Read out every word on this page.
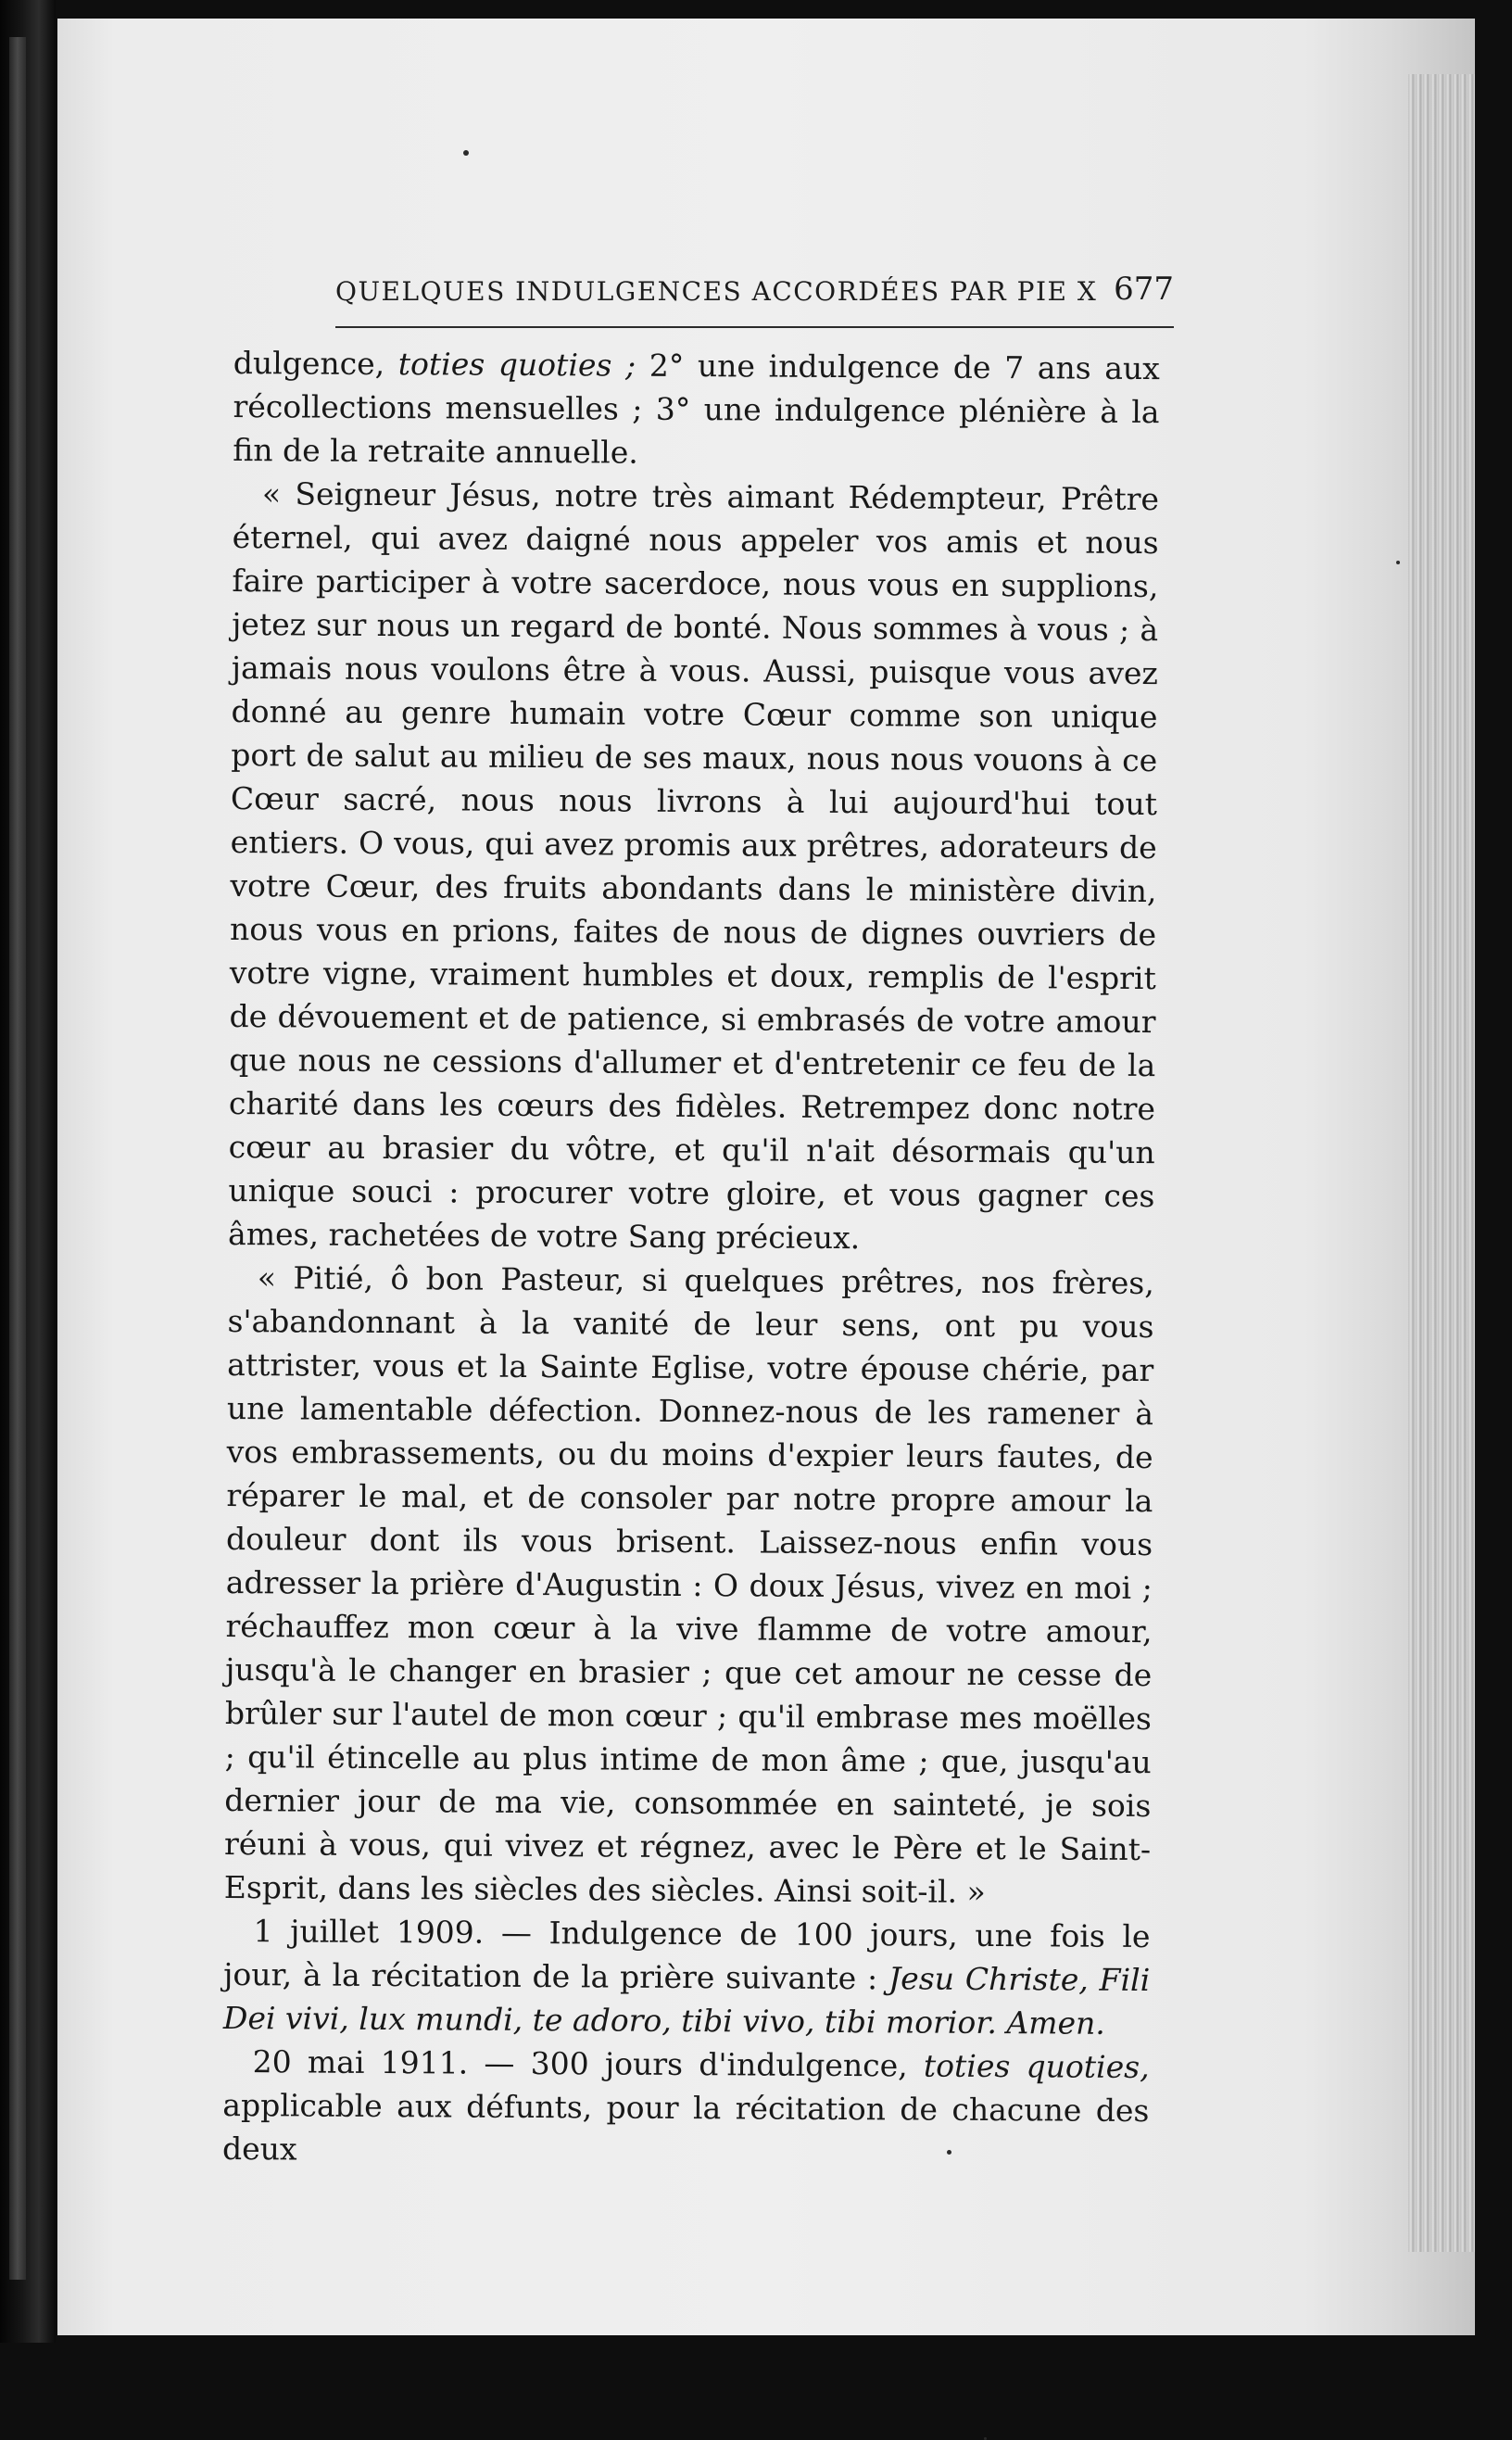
QUELQUES INDULGENCES ACCORDÉES PAR PIE X 677

dulgence, toties quoties ; 2° une indulgence de 7 ans aux récollections mensuelles ; 3° une indulgence plénière à la fin de la retraite annuelle.

« Seigneur Jésus, notre très aimant Rédempteur, Prêtre éternel, qui avez daigné nous appeler vos amis et nous faire participer à votre sacerdoce, nous vous en supplions, jetez sur nous un regard de bonté. Nous sommes à vous ; à jamais nous voulons être à vous. Aussi, puisque vous avez donné au genre humain votre Cœur comme son unique port de salut au milieu de ses maux, nous nous vouons à ce Cœur sacré, nous nous livrons à lui aujourd'hui tout entiers. O vous, qui avez promis aux prêtres, adorateurs de votre Cœur, des fruits abondants dans le ministère divin, nous vous en prions, faites de nous de dignes ouvriers de votre vigne, vraiment humbles et doux, remplis de l'esprit de dévouement et de patience, si embrasés de votre amour que nous ne cessions d'allumer et d'entretenir ce feu de la charité dans les cœurs des fidèles. Retrempez donc notre cœur au brasier du vôtre, et qu'il n'ait désormais qu'un unique souci : procurer votre gloire, et vous gagner ces âmes, rachetées de votre Sang précieux.

« Pitié, ô bon Pasteur, si quelques prêtres, nos frères, s'abandonnant à la vanité de leur sens, ont pu vous attrister, vous et la Sainte Eglise, votre épouse chérie, par une lamentable défection. Donnez-nous de les ramener à vos embrassements, ou du moins d'expier leurs fautes, de réparer le mal, et de consoler par notre propre amour la douleur dont ils vous brisent. Laissez-nous enfin vous adresser la prière d'Augustin : O doux Jésus, vivez en moi ; réchauffez mon cœur à la vive flamme de votre amour, jusqu'à le changer en brasier ; que cet amour ne cesse de brûler sur l'autel de mon cœur ; qu'il embrase mes moëlles ; qu'il étincelle au plus intime de mon âme ; que, jusqu'au dernier jour de ma vie, consommée en sainteté, je sois réuni à vous, qui vivez et régnez, avec le Père et le Saint-Esprit, dans les siècles des siècles. Ainsi soit-il. »

1 juillet 1909. — Indulgence de 100 jours, une fois le jour, à la récitation de la prière suivante : Jesu Christe, Fili Dei vivi, lux mundi, te adoro, tibi vivo, tibi morior. Amen.

20 mai 1911. — 300 jours d'indulgence, toties quoties, applicable aux défunts, pour la récitation de chacune des deux
